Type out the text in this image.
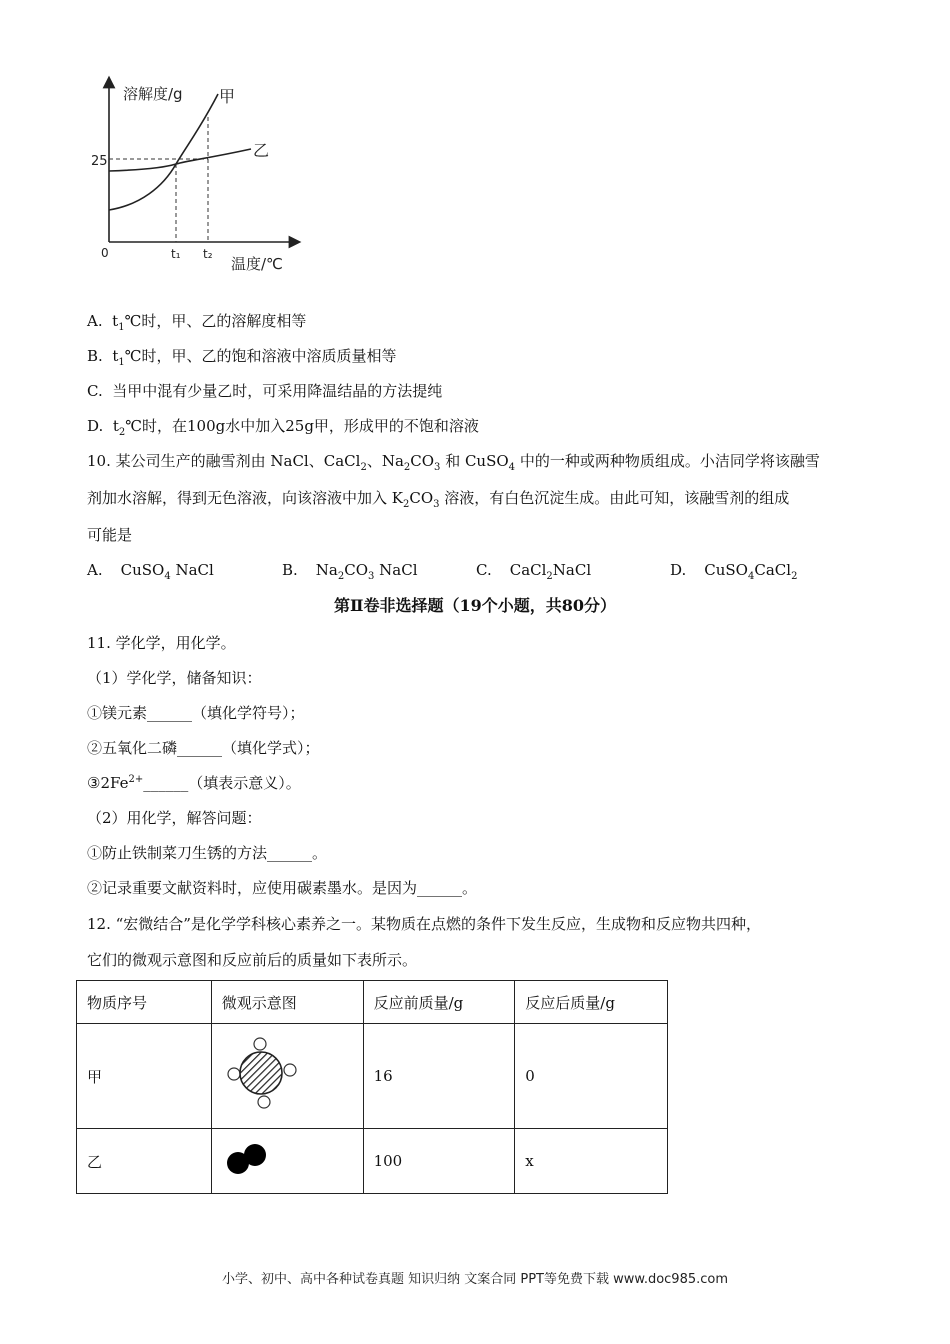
溶解度/g
温度/℃
0
25
t₁ t₂
甲
乙
A. $t_1℃$时，甲、乙的溶解度相等
B. $t_1℃$时，甲、乙的饱和溶液中溶质质量相等
C. 当甲中混有少量乙时，可采用降温结晶的方法提纯
D. $t_2℃$时，在100g水中加入25g甲，形成甲的不饱和溶液
10. 某公司生产的融雪剂由 NaCl、CaCl$_2$、$Na_2CO_3$ 和 CuSO$_4$ 中的一种或两种物质组成。小洁同学将该融雪
剂加水溶解，得到无色溶液，向该溶液中加入 $K_2CO_3$ 溶液，有白色沉淀生成。由此可知，该融雪剂的组成
可能是
A. CuSO$_4$ NaCl	B. $Na_2CO_3$ NaCl	C. CaCl$_2$NaCl	D. CuSO$_4$CaCl$_2$
第Ⅱ卷非选择题（19个小题，共80分）
11. 学化学，用化学。
（1）学化学，储备知识：
①镁元素______（填化学符号）；
②五氧化二磷______（填化学式）；
$③2Fe^{2+}\_\_\_\_\_\_$（填表示意义）。
（2）用化学，解答问题：
①防止铁制菜刀生锈的方法______。
②记录重要文献资料时，应使用碳素墨水。是因为______。
12. “宏微结合”是化学学科核心素养之一。某物质在点燃的条件下发生反应，生成物和反应物共四种，
它们的微观示意图和反应前后的质量如下表所示。
物质序号	微观示意图	反应前质量/g	反应后质量/g
甲		16	0
乙		100	x
小学、初中、高中各种试卷真题 知识归纳 文案合同 PPT等免费下载 www.doc985.com
